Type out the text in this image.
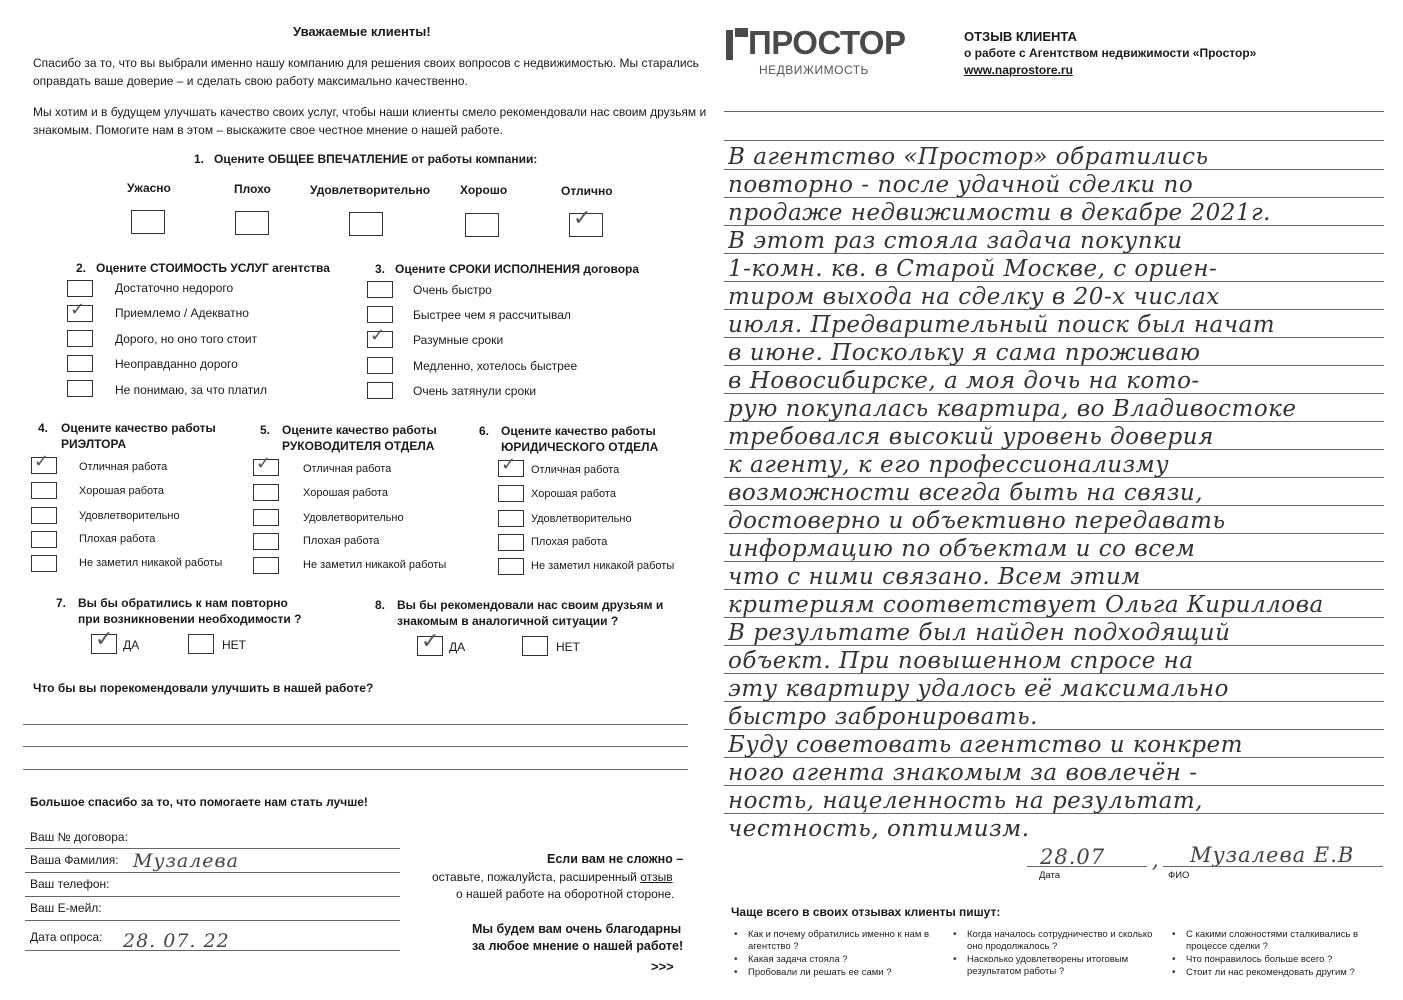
Уважаемые клиенты!
Спасибо за то, что вы выбрали именно нашу компанию для решения своих вопросов с недвижимостью. Мы старались
оправдать ваше доверие – и сделать свою работу максимально качественно.
Мы хотим и в будущем улучшать качество своих услуг, чтобы наши клиенты смело рекомендовали нас своим друзьям и
знакомым. Помогите нам в этом – выскажите свое честное мнение о нашей работе.
1. Оцените ОБЩЕЕ ВПЕЧАТЛЕНИЕ от работы компании:
Ужасно	Плохо	Удовлетворительно Хорошо	Отлично
✓
2. Оцените СТОИМОСТЬ УСЛУГ агентства
✓
Достаточно недорого
Приемлемо / Адекватно
Дорого, но оно того стоит
Неоправданно дорого
Не понимаю, за что платил
3. Оцените СРОКИ ИСПОЛНЕНИЯ договора
✓
Очень быстро
Быстрее чем я рассчитывал
Разумные сроки
Медленно, хотелось быстрее
Очень затянули сроки
4. Оцените качество работы
РИЭЛТОРА
✓	Отличная работа
Хорошая работа
Удовлетворительно
Плохая работа
Не заметил никакой работы
5. Оцените качество работы
РУКОВОДИТЕЛЯ ОТДЕЛА
✓	Отличная работа
Хорошая работа
Удовлетворительно
Плохая работа
Не заметил никакой работы
6. Оцените качество работы
ЮРИДИЧЕСКОГО ОТДЕЛА
✓ Отличная работа
Хорошая работа
Удовлетворительно
Плохая работа
Не заметил никакой работы
7. Вы бы обратились к нам повторно
при возникновении необходимости ?
✓ ДА	НЕТ
8. Вы бы рекомендовали нас своим друзьям и
знакомым в аналогичной ситуации ?
✓ ДА	НЕТ
Что бы вы порекомендовали улучшить в нашей работе?
Большое спасибо за то, что помогаете нам стать лучше!
Ваш № договора:
Ваша Фамилия: Музалева
Ваш телефон:
Ваш Е-мейл:
Дата опроса: 28. 07. 22
Если вам не сложно –
оставьте, пожалуйста, расширенный отзыв
о нашей работе на оборотной стороне.
Мы будем вам очень благодарны
за любое мнение о нашей работе!
>>>
ПРОСТОР
НЕДВИЖИМОСТЬ
ОТЗЫВ КЛИЕНТА
о работе с Агентством недвижимости «Простор»
www.naprostore.ru
В агентство «Простор» обратились
повторно - после удачной сделки по
продаже недвижимости в декабре 2021г.
В этот раз стояла задача покупки
1-комн. кв. в Старой Москве, с ориен-
тиром выхода на сделку в 20-х числах
июля. Предварительный поиск был начат
в июне. Поскольку я сама проживаю
в Новосибирске, а моя дочь на кото-
рую покупалась квартира, во Владивостоке
требовался высокий уровень доверия
к агенту, к его профессионализму
возможности всегда быть на связи,
достоверно и объективно передавать
информацию по объектам и со всем
что с ними связано. Всем этим
критериям соответствует Ольга Кириллова
В результате был найден подходящий
объект. При повышенном спросе на
эту квартиру удалось её максимально
быстро забронировать.
Буду советовать агентство и конкрет
ного агента знакомым за вовлечён -
ность, нацеленность на результат,
честность, оптимизм.
28.07 , Музалева Е.В
Дата	ФИО
Чаще всего в своих отзывах клиенты пишут:
• Как и почему обратились именно к нам в агентство ?
• Какая задача стояла ?
• Пробовали ли решать ее сами ?
• Когда началось сотрудничество и сколько оно продолжалось ?
• Насколько удовлетворены итоговым результатом работы ?
• С какими сложностями сталкивались в процессе сделки ?
• Что понравилось больше всего ?
• Стоит ли нас рекомендовать другим ?
